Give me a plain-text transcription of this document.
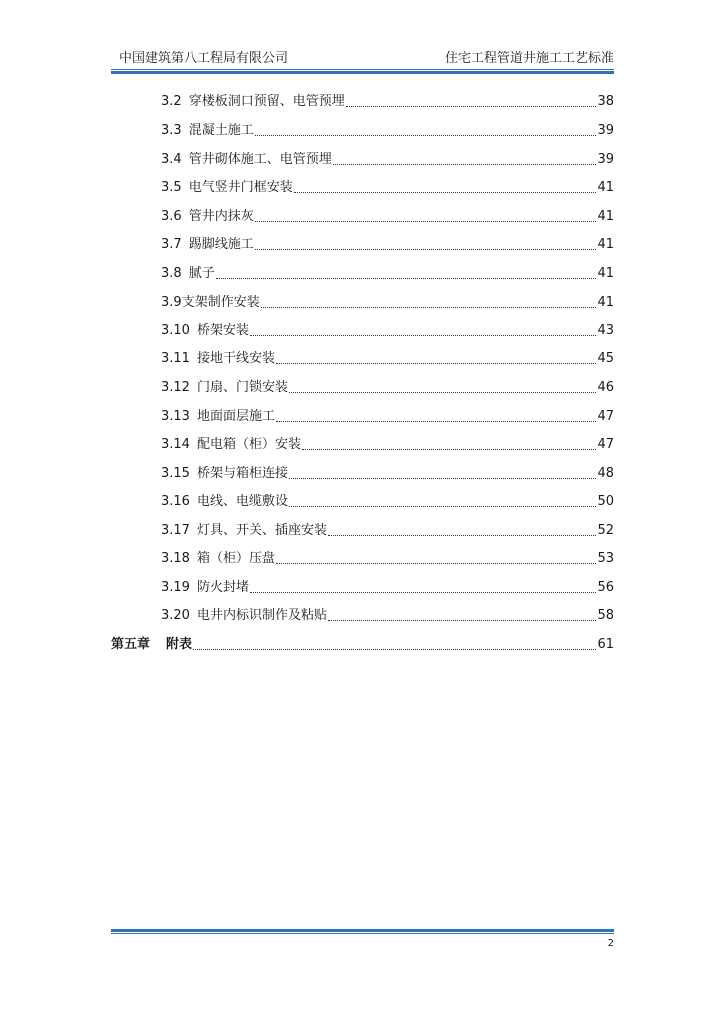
中国建筑第八工程局有限公司	住宅工程管道井施工工艺标准
3.2 穿楼板洞口预留、电管预埋	38
3.3 混凝土施工	39
3.4 管井砌体施工、电管预埋	39
3.5 电气竖井门框安装	41
3.6 管井内抹灰	41
3.7 踢脚线施工	41
3.8 腻子	41
3.9 支架制作安装	41
3.10 桥架安装	43
3.11 接地干线安装	45
3.12 门扇、门锁安装	46
3.13 地面面层施工	47
3.14 配电箱（柜）安装	47
3.15 桥架与箱柜连接	48
3.16 电线、电缆敷设	50
3.17 灯具、开关、插座安装	52
3.18 箱（柜）压盘	53
3.19 防火封堵	56
3.20 电井内标识制作及粘贴	58
第五章 附表	61
2
